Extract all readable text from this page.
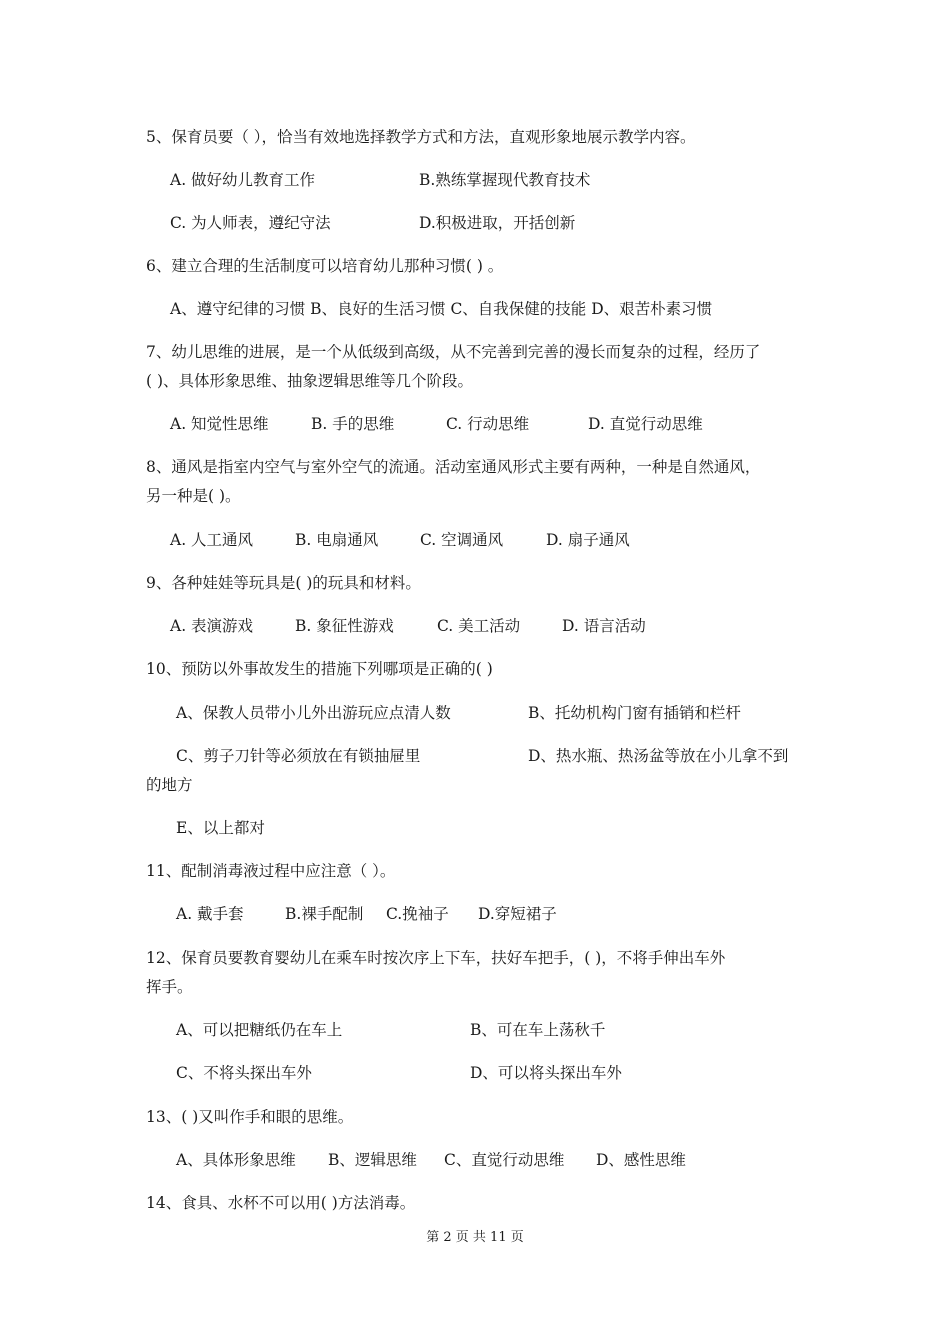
5、保育员要（ ），恰当有效地选择教学方式和方法，直观形象地展示教学内容。
A. 做好幼儿教育工作	B.熟练掌握现代教育技术
C. 为人师表，遵纪守法	D.积极进取，开括创新
6、建立合理的生活制度可以培育幼儿那种习惯( ) 。
A、遵守纪律的习惯 B、良好的生活习惯 C、自我保健的技能 D、艰苦朴素习惯
7、幼儿思维的进展，是一个从低级到高级，从不完善到完善的漫长而复杂的过程，经历了
( )、具体形象思维、抽象逻辑思维等几个阶段。
A. 知觉性思维	B. 手的思维	C. 行动思维	D. 直觉行动思维
8、通风是指室内空气与室外空气的流通。活动室通风形式主要有两种，一种是自然通风，
另一种是( )。
A. 人工通风	B. 电扇通风	C. 空调通风	D. 扇子通风
9、各种娃娃等玩具是( )的玩具和材料。
A. 表演游戏	B. 象征性游戏	C. 美工活动	D. 语言活动
10、预防以外事故发生的措施下列哪项是正确的( )
A、保教人员带小儿外出游玩应点清人数	B、托幼机构门窗有插销和栏杆
C、剪子刀针等必须放在有锁抽屉里	D、热水瓶、热汤盆等放在小儿拿不到
的地方
E、以上都对
11、配制消毒液过程中应注意（ ）。
A. 戴手套	B.裸手配制 C.挽袖子 D.穿短裙子
12、保育员要教育婴幼儿在乘车时按次序上下车，扶好车把手，( )，不将手伸出车外
挥手。
A、可以把糖纸仍在车上	B、可在车上荡秋千
C、不将头探出车外	D、可以将头探出车外
13、( )又叫作手和眼的思维。
A、具体形象思维 B、逻辑思维 C、直觉行动思维 D、感性思维
14、食具、水杯不可以用( )方法消毒。
第 2 页 共 11 页
